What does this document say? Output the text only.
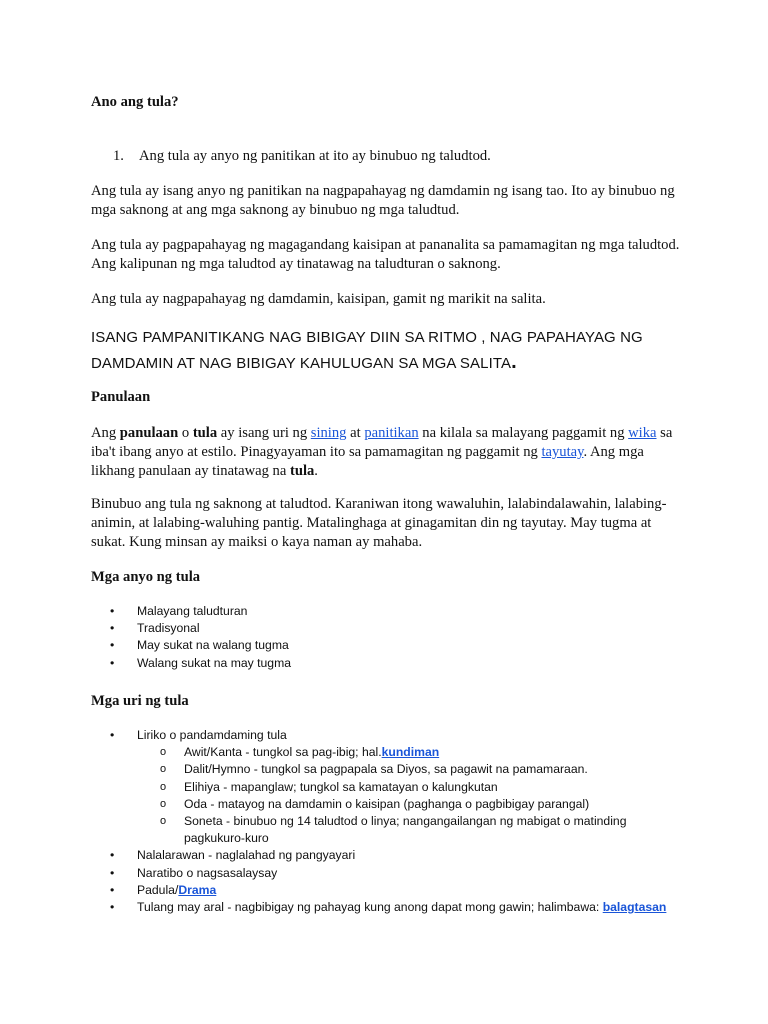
Ano ang tula?
1. Ang tula ay anyo ng panitikan at ito ay binubuo ng taludtod.

Ang tula ay isang anyo ng panitikan na nagpapahayag ng damdamin ng isang tao. Ito ay binubuo ng mga saknong at ang mga saknong ay binubuo ng mga taludtud.

Ang tula ay pagpapahayag ng magagandang kaisipan at pananalita sa pamamagitan ng mga taludtod. Ang kalipunan ng mga taludtod ay tinatawag na taludturan o saknong.

Ang tula ay nagpapahayag ng damdamin, kaisipan, gamit ng marikit na salita.

ISANG PAMPANITIKANG NAG BIBIGAY DIIN SA RITMO , NAG PAPAHAYAG NG DAMDAMIN AT NAG BIBIGAY KAHULUGAN SA MGA SALITA.

Panulaan

Ang panulaan o tula ay isang uri ng sining at panitikan na kilala sa malayang paggamit ng wika sa iba't ibang anyo at estilo. Pinagyayaman ito sa pamamagitan ng paggamit ng tayutay. Ang mga likhang panulaan ay tinatawag na tula.

Binubuo ang tula ng saknong at taludtod. Karaniwan itong wawaluhin, lalabindalawahin, lalabing-animin, at lalabing-waluhing pantig. Matalinghaga at ginagamitan din ng tayutay. May tugma at sukat. Kung minsan ay maiksi o kaya naman ay mahaba.

Mga anyo ng tula
• Malayang taludturan
• Tradisyonal
• May sukat na walang tugma
• Walang sukat na may tugma
Mga uri ng tula
• Liriko o pandamdaming tula
o Awit/Kanta - tungkol sa pag-ibig; hal.kundiman
o Dalit/Hymno - tungkol sa pagpapala sa Diyos, sa pagawit na pamamaraan.
o Elihiya - mapanglaw; tungkol sa kamatayan o kalungkutan
o Oda - matayog na damdamin o kaisipan (paghanga o pagbibigay parangal)
o Soneta - binubuo ng 14 taludtod o linya; nangangailangan ng mabigat o matinding pagkukuro-kuro
• Nalalarawan - naglalahad ng pangyayari
• Naratibo o nagsasalaysay
• Padula/Drama
• Tulang may aral - nagbibigay ng pahayag kung anong dapat mong gawin; halimbawa: balagtasan
